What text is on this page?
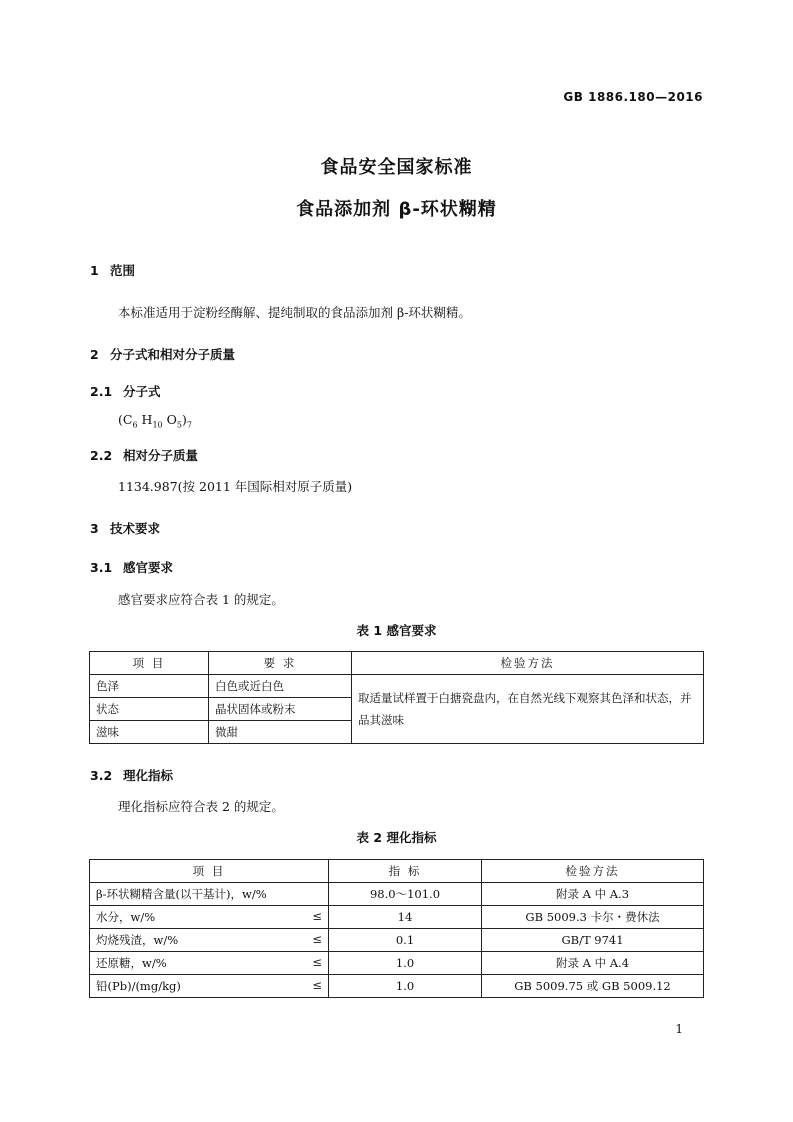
GB 1886.180—2016
食品安全国家标准
食品添加剂 β-环状糊精
1 范围
本标准适用于淀粉经酶解、提纯制取的食品添加剂 β-环状糊精。
2 分子式和相对分子质量
2.1 分子式
($C_6$ $H_{10}$ $O_5)_7$
2.2 相对分子质量
1134.987(按 2011 年国际相对原子质量)
3 技术要求
3.1 感官要求
感官要求应符合表 1 的规定。
表 1 感官要求
项 目	要 求	检验方法
色泽	白色或近白色	取适量试样置于白搪瓷盘内，在自然光线下观察其色泽和状态，并品其滋味
状态	晶状固体或粉末	
滋味	微甜	
3.2 理化指标
理化指标应符合表 2 的规定。
表 2 理化指标
项 目	指 标	检验方法
β-环状糊精含量(以干基计)，w/%	98.0～101.0	附录 A 中 A.3
水分，w/% ≤	14	GB 5009.3 卡尔・费休法
灼烧残渣，w/% ≤	0.1	GB/T 9741
还原糖，w/% ≤	1.0	附录 A 中 A.4
铅(Pb)/(mg/kg) ≤	1.0	GB 5009.75 或 GB 5009.12
1
